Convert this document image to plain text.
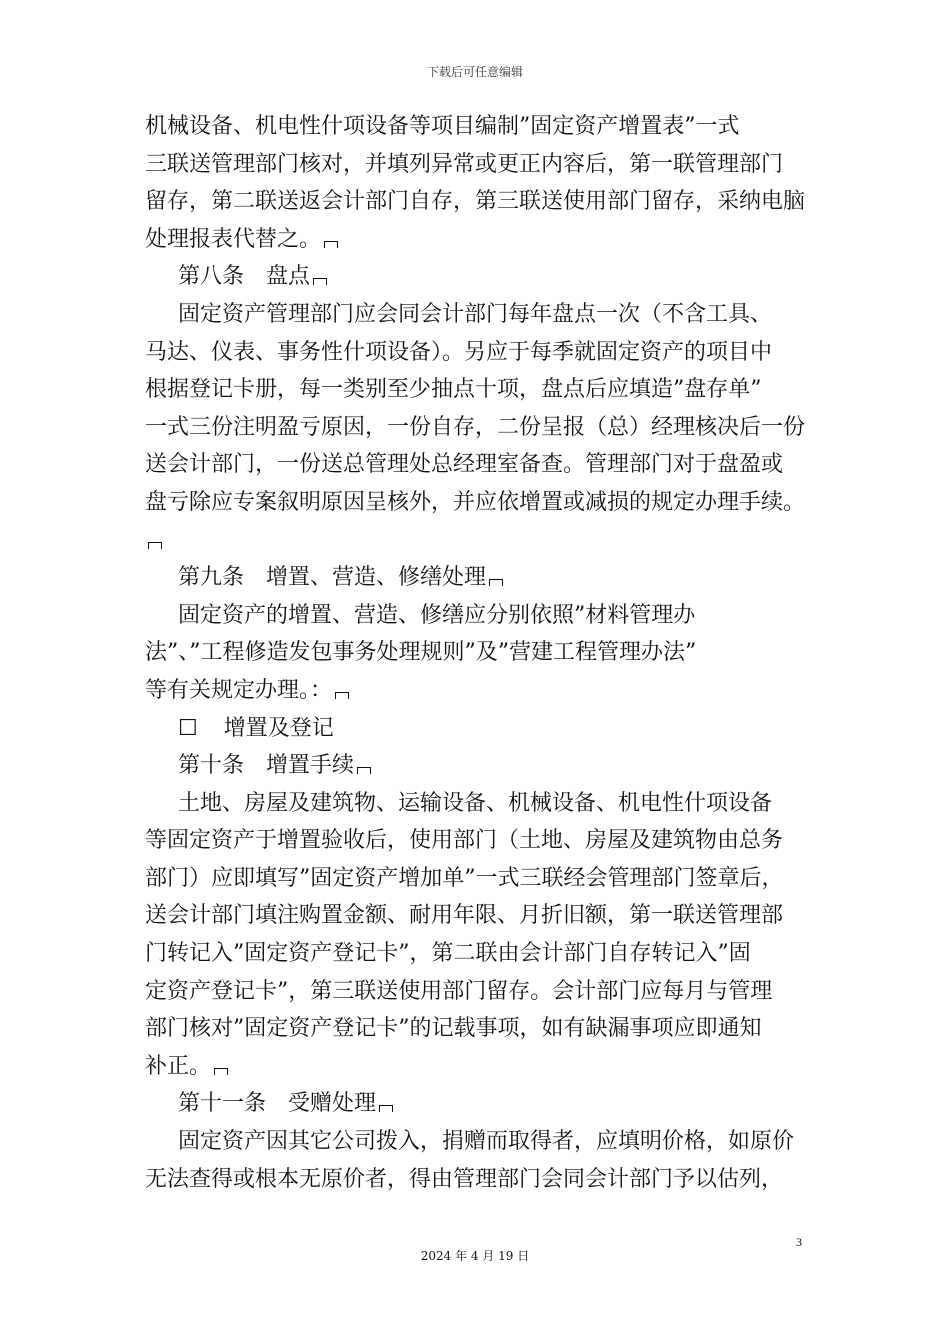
下载后可任意编辑
机械设备、机电性什项设备等项目编制”固定资产增置表”一式
三联送管理部门核对，并填列异常或更正内容后，第一联管理部门
留存，第二联送返会计部门自存，第三联送使用部门留存，采纳电脑
处理报表代替之。
第八条　盘点
固定资产管理部门应会同会计部门每年盘点一次（不含工具、
马达、仪表、事务性什项设备）。另应于每季就固定资产的项目中
根据登记卡册，每一类别至少抽点十项，盘点后应填造”盘存单”
一式三份注明盈亏原因，一份自存，二份呈报（总）经理核决后一份
送会计部门，一份送总管理处总经理室备查。管理部门对于盘盈或
盘亏除应专案叙明原因呈核外，并应依增置或减损的规定办理手续。
第九条　增置、营造、修缮处理
固定资产的增置、营造、修缮应分别依照”材料管理办
法”、”工程修造发包事务处理规则”及”营建工程管理办法”
等有关规定办理。：
☐ 增置及登记
第十条　增置手续
土地、房屋及建筑物、运输设备、机械设备、机电性什项设备
等固定资产于增置验收后，使用部门（土地、房屋及建筑物由总务
部门）应即填写”固定资产增加单”一式三联经会管理部门签章后，
送会计部门填注购置金额、耐用年限、月折旧额，第一联送管理部
门转记入”固定资产登记卡”，第二联由会计部门自存转记入”固
定资产登记卡”，第三联送使用部门留存。会计部门应每月与管理
部门核对”固定资产登记卡”的记载事项，如有缺漏事项应即通知
补正。
第十一条　受赠处理
固定资产因其它公司拨入，捐赠而取得者，应填明价格，如原价
无法查得或根本无原价者，得由管理部门会同会计部门予以估列，
3
2024 年 4 月 19 日
